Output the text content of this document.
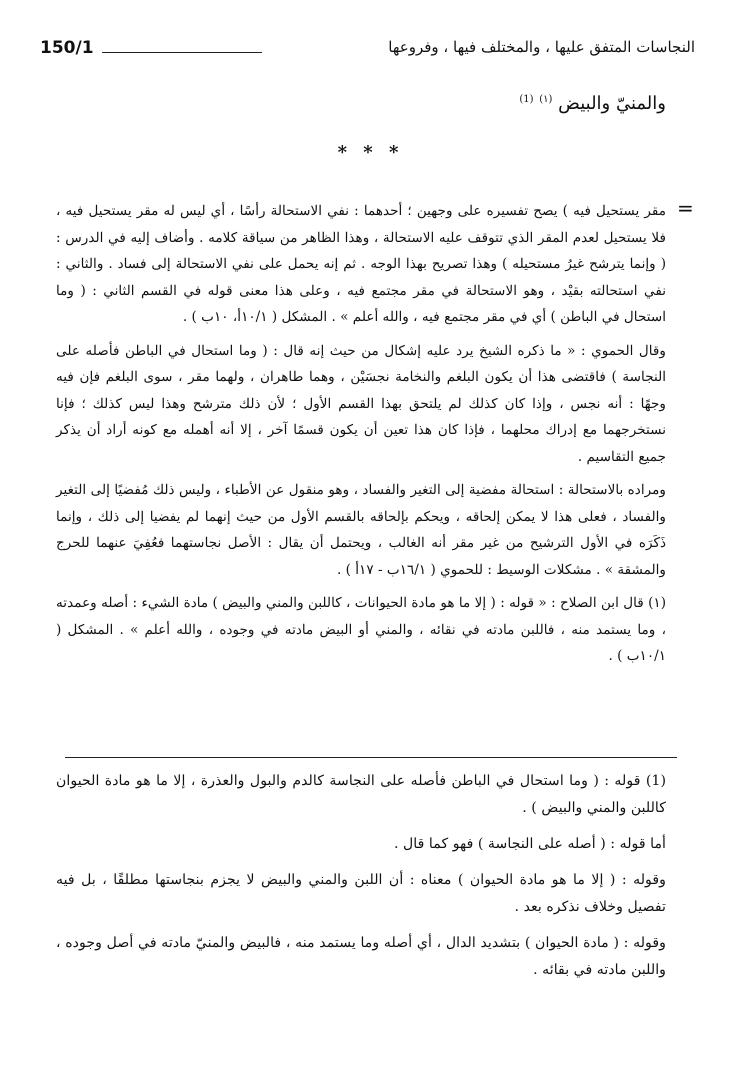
150/1	النجاسات المتفق عليها ، والمختلف فيها ، وفروعها
والمنيّ والبيض $^{(١)}$ $^{(1)}$
* * *
=

مقر يستحيل فيه ) يصح تفسيره على وجهين ؛ أحدهما : نفي الاستحالة رأسًا ، أي ليس له مقر يستحيل فيه ، فلا يستحيل لعدم المقر الذي تتوقف عليه الاستحالة ، وهذا الظاهر من سياقة كلامه . وأضاف إليه في الدرس : ( وإنما يترشح غيرُ مستحيله ) وهذا تصريح بهذا الوجه . ثم إنه يحمل على نفي الاستحالة إلى فساد . والثاني : نفي استحالته بقيْد ، وهو الاستحالة في مقر مجتمع فيه ، وعلى هذا معنى قوله في القسم الثاني : ( وما استحال في الباطن ) أي في مقر مجتمع فيه ، والله أعلم » . المشكل ( ١٠/١أ، ١٠ب ) .

وقال الحموي : « ما ذكره الشيخ يرد عليه إشكال من حيث إنه قال : ( وما استحال في الباطن فأصله على النجاسة ) فاقتضى هذا أن يكون البلغم والنخامة نجسَيْن ، وهما طاهران ، ولهما مقر ، سوى البلغم فإن فيه وجهًا : أنه نجس ، وإذا كان كذلك لم يلتحق بهذا القسم الأول ؛ لأن ذلك مترشح وهذا ليس كذلك ؛ فإنا نستخرجهما مع إدراك محلهما ، فإذا كان هذا تعين أن يكون قسمًا آخر ، إلا أنه أهمله مع كونه أراد أن يذكر جميع التقاسيم .

ومراده بالاستحالة : استحالة مفضية إلى التغير والفساد ، وهو منقول عن الأطباء ، وليس ذلك مُفضيًا إلى التغير والفساد ، فعلى هذا لا يمكن إلحاقه ، ويحكم بإلحاقه بالقسم الأول من حيث إنهما لم يفضيا إلى ذلك ، وإنما ذَكَرَه في الأول الترشيح من غير مقر أنه الغالب ، ويحتمل أن يقال : الأصل نجاستهما فعُفِيَ عنهما للحرج والمشقة » . مشكلات الوسيط : للحموي ( ١٦/١ب - ١٧أ ) .

(١) قال ابن الصلاح : « قوله : ( إلا ما هو مادة الحيوانات ، كاللبن والمني والبيض ) مادة الشيء : أصله وعمدته ، وما يستمد منه ، فاللبن مادته في نقائه ، والمني أو البيض مادته في وجوده ، والله أعلم » . المشكل ( ١٠/١ب ) .

(1) قوله : ( وما استحال في الباطن فأصله على النجاسة كالدم والبول والعذرة ، إلا ما هو مادة الحيوان كاللبن والمني والبيض ) .

أما قوله : ( أصله على النجاسة ) فهو كما قال .

وقوله : ( إلا ما هو مادة الحيوان ) معناه : أن اللبن والمني والبيض لا يجزم بنجاستها مطلقًا ، بل فيه تفصيل وخلاف نذكره بعد .

وقوله : ( مادة الحيوان ) بتشديد الدال ، أي أصله وما يستمد منه ، فالبيض والمنيّ مادته في أصل وجوده ، واللبن مادته في بقائه .
